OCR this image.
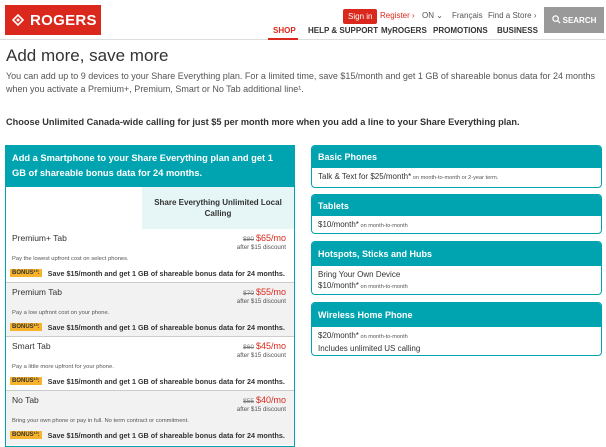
ROGERS	Sign in Register › ON ⌄ Français Find a Store ›
SHOP HELP & SUPPORT MyROGERS PROMOTIONS BUSINESS
SEARCH
Add more, save more

You can add up to 9 devices to your Share Everything plan. For a limited time, save $15/month and get 1 GB of shareable bonus data for 24 months when you activate a Premium+, Premium, Smart or No Tab additional line¹.

Choose Unlimited Canada-wide calling for just $5 per month more when you add a line to your Share Everything plan.

Add a Smartphone to your Share Everything plan and get 1 GB of shareable bonus data for 24 months.
Share Everything Unlimited Local Calling
Premium+ Tab	$80 $65/mo
after $15 discount
Pay the lowest upfront cost on select phones.
BONUS¹³: Save $15/month and get 1 GB of shareable bonus data for 24 months.
Premium Tab	$70 $55/mo
after $15 discount
Pay a low upfront cost on your phone.
BONUS¹³: Save $15/month and get 1 GB of shareable bonus data for 24 months.
Smart Tab	$60 $45/mo
after $15 discount
Pay a little more upfront for your phone.
BONUS¹³: Save $15/month and get 1 GB of shareable bonus data for 24 months.
No Tab	$55 $40/mo
after $15 discount
Bring your own phone or pay in full. No term contract or commitment.
BONUS¹³: Save $15/month and get 1 GB of shareable bonus data for 24 months.
Basic Phones
Talk & Text for $25/month* on month-to-month or 2-year term.
Tablets
$10/month* on month-to-month
Hotspots, Sticks and Hubs
Bring Your Own Device
$10/month* on month-to-month
Wireless Home Phone
$20/month* on month-to-month
Includes unlimited US calling
